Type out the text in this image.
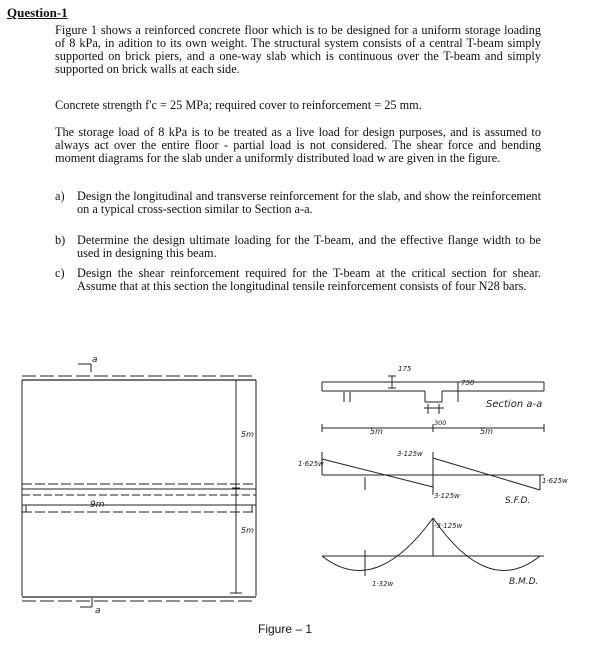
Question-1
Figure 1 shows a reinforced concrete floor which is to be designed for a uniform storage loading of 8 kPa, in adition to its own weight. The structural system consists of a central T-beam simply supported on brick piers, and a one-way slab which is continuous over the T-beam and simply supported on brick walls at each side.
Concrete strength f'c = 25 MPa; required cover to reinforcement = 25 mm.
The storage load of 8 kPa is to be treated as a live load for design purposes, and is assumed to always act over the entire floor - partial load is not considered. The shear force and bending moment diagrams for the slab under a uniformly distributed load w are given in the figure.
a) Design the longitudinal and transverse reinforcement for the slab, and show the reinforcement on a typical cross-section similar to Section a-a.
b) Determine the design ultimate loading for the T-beam, and the effective flange width to be used in designing this beam.
c) Design the shear reinforcement required for the T-beam at the critical section for shear. Assume that at this section the longitudinal tensile reinforcement consists of four N28 bars.
a
a
5m
5m
9m
175
750
300
Section a-a
5m	5m
1·625w
3·125w
3·125w
1·625w
S.F.D.
-3·125w
1·32w	B.M.D.
Figure – 1
